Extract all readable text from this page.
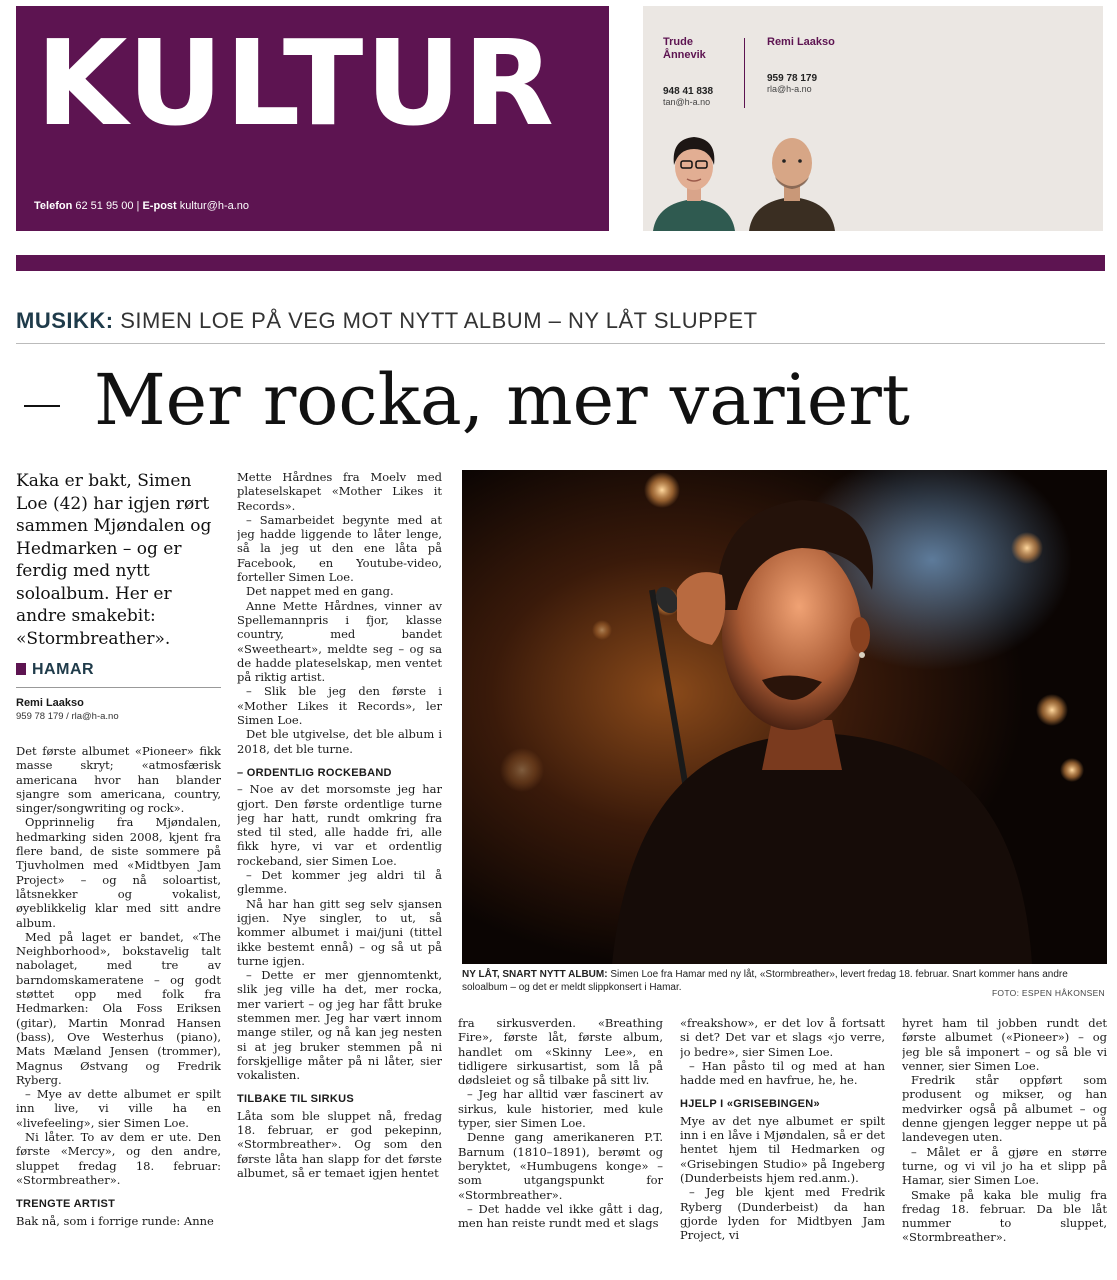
KULTUR
Telefon 62 51 95 00 | E-post kultur@h-a.no
Trude Ånnevik
948 41 838
tan@h-a.no
Remi Laakso
959 78 179
rla@h-a.no
MUSIKK: SIMEN LOE PÅ VEG MOT NYTT ALBUM – NY LÅT SLUPPET
Mer rocka, mer variert
Kaka er bakt, Simen Loe (42) har igjen rørt sammen Mjøndalen og Hedmarken – og er ferdig med nytt soloalbum. Her er andre smakebit: «Stormbreather».
HAMAR
Remi Laakso
959 78 179 / rla@h-a.no

Det første albumet «Pioneer» fikk masse skryt; «atmosfærisk americana hvor han blander sjangre som americana, country, singer/songwriting og rock».

Opprinnelig fra Mjøndalen, hedmarking siden 2008, kjent fra flere band, de siste sommere på Tjuvholmen med «Midtbyen Jam Project» – og nå soloartist, låtsnekker og vokalist, øyeblikkelig klar med sitt andre album.

Med på laget er bandet, «The Neighborhood», bokstavelig talt nabolaget, med tre av barndomskameratene – og godt støttet opp med folk fra Hedmarken: Ola Foss Eriksen (gitar), Martin Monrad Hansen (bass), Ove Westerhus (piano), Mats Mæland Jensen (trommer), Magnus Østvang og Fredrik Ryberg.

– Mye av dette albumet er spilt inn live, vi ville ha en «livefeeling», sier Simen Loe.

Ni låter. To av dem er ute. Den første «Mercy», og den andre, sluppet fredag 18. februar: «Stormbreather».

TRENGTE ARTIST

Bak nå, som i forrige runde: Anne

Mette Hårdnes fra Moelv med plateselskapet «Mother Likes it Records».

– Samarbeidet begynte med at jeg hadde liggende to låter lenge, så la jeg ut den ene låta på Facebook, en Youtube-video, forteller Simen Loe.

Det nappet med en gang.

Anne Mette Hårdnes, vinner av Spellemannpris i fjor, klasse country, med bandet «Sweetheart», meldte seg – og sa de hadde plateselskap, men ventet på riktig artist.

– Slik ble jeg den første i «Mother Likes it Records», ler Simen Loe.

Det ble utgivelse, det ble album i 2018, det ble turne.

– ORDENTLIG ROCKEBAND

– Noe av det morsomste jeg har gjort. Den første ordentlige turne jeg har hatt, rundt omkring fra sted til sted, alle hadde fri, alle fikk hyre, vi var et ordentlig rockeband, sier Simen Loe.

– Det kommer jeg aldri til å glemme.

Nå har han gitt seg selv sjansen igjen. Nye singler, to ut, så kommer albumet i mai/juni (tittel ikke bestemt ennå) – og så ut på turne igjen.

– Dette er mer gjennomtenkt, slik jeg ville ha det, mer rocka, mer variert – og jeg har fått bruke stemmen mer. Jeg har vært innom mange stiler, og nå kan jeg nesten si at jeg bruker stemmen på ni forskjellige måter på ni låter, sier vokalisten.

TILBAKE TIL SIRKUS

Låta som ble sluppet nå, fredag 18. februar, er god pekepinn, «Stormbreather». Og som den første låta han slapp for det første albumet, så er temaet igjen hentet

NY LÅT, SNART NYTT ALBUM: Simen Loe fra Hamar med ny låt, «Stormbreather», levert fredag 18. februar. Snart kommer hans andre soloalbum – og det er meldt slippkonsert i Hamar.	FOTO: ESPEN HÅKONSEN

fra sirkusverden. «Breathing Fire», første låt, første album, handlet om «Skinny Lee», en tidligere sirkusartist, som lå på dødsleiet og så tilbake på sitt liv.

– Jeg har alltid vær fascinert av sirkus, kule historier, med kule typer, sier Simen Loe.

Denne gang amerikaneren P.T. Barnum (1810–1891), berømt og beryktet, «Humbugens konge» – som utgangspunkt for «Stormbreather».

– Det hadde vel ikke gått i dag, men han reiste rundt med et slags

«freakshow», er det lov å fortsatt si det? Det var et slags «jo verre, jo bedre», sier Simen Loe.

– Han påsto til og med at han hadde med en havfrue, he, he.

HJELP I «GRISEBINGEN»

Mye av det nye albumet er spilt inn i en låve i Mjøndalen, så er det hentet hjem til Hedmarken og «Grisebingen Studio» på Ingeberg (Dunderbeists hjem red.anm.).

– Jeg ble kjent med Fredrik Ryberg (Dunderbeist) da han gjorde lyden for Midtbyen Jam Project, vi

hyret ham til jobben rundt det første albumet («Pioneer») – og jeg ble så imponert – og så ble vi venner, sier Simen Loe.

Fredrik står oppført som produsent og mikser, og han medvirker også på albumet – og denne gjengen legger neppe ut på landevegen uten.

– Målet er å gjøre en større turne, og vi vil jo ha et slipp på Hamar, sier Simen Loe.

Smake på kaka ble mulig fra fredag 18. februar. Da ble låt nummer to sluppet, «Stormbreather».
